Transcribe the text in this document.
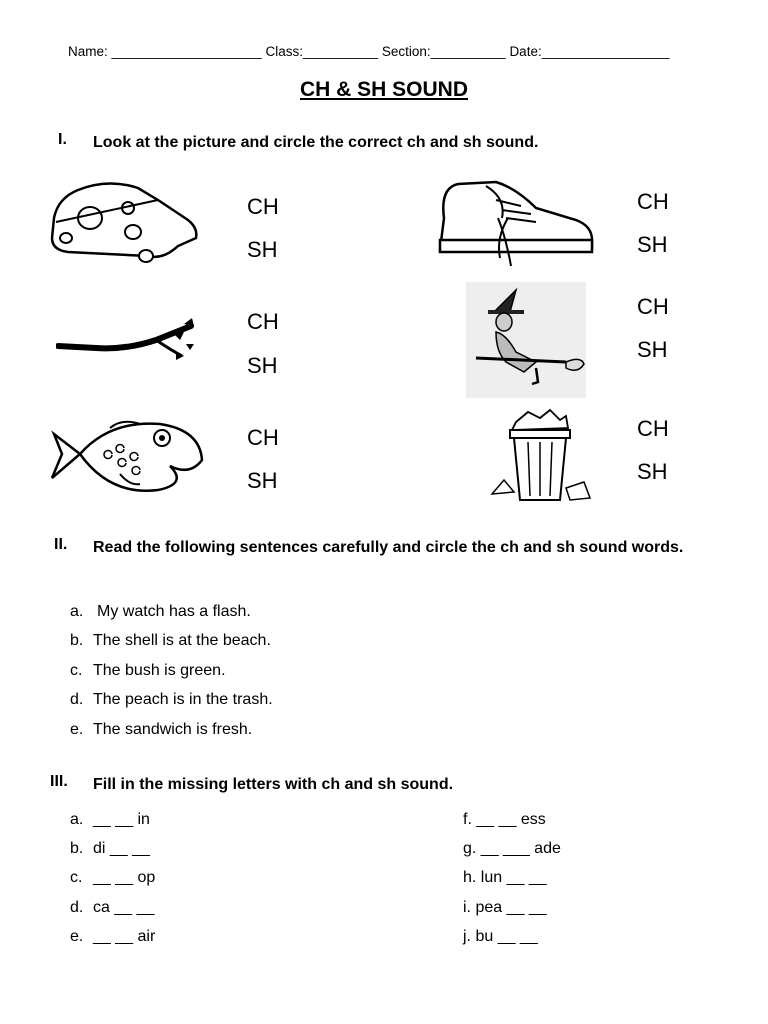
Name: ____________________ Class:__________ Section:__________ Date:_________________
CH & SH SOUND
I. Look at the picture and circle the correct ch and sh sound.
CH
SH
CH
SH
CH
SH
CH
SH
CH
SH
CH
SH
II. Read the following sentences carefully and circle the ch and sh sound words.
a. My watch has a flash.
b. The shell is at the beach.
c. The bush is green.
d. The peach is in the trash.
e. The sandwich is fresh.
III. Fill in the missing letters with ch and sh sound.
a. __ __ in
b. di __ __
c. __ __ op
d. ca __ __
e. __ __ air
f. __ __ ess
g. __ ___ ade
h. lun __ __
i. pea __ __
j. bu __ __
